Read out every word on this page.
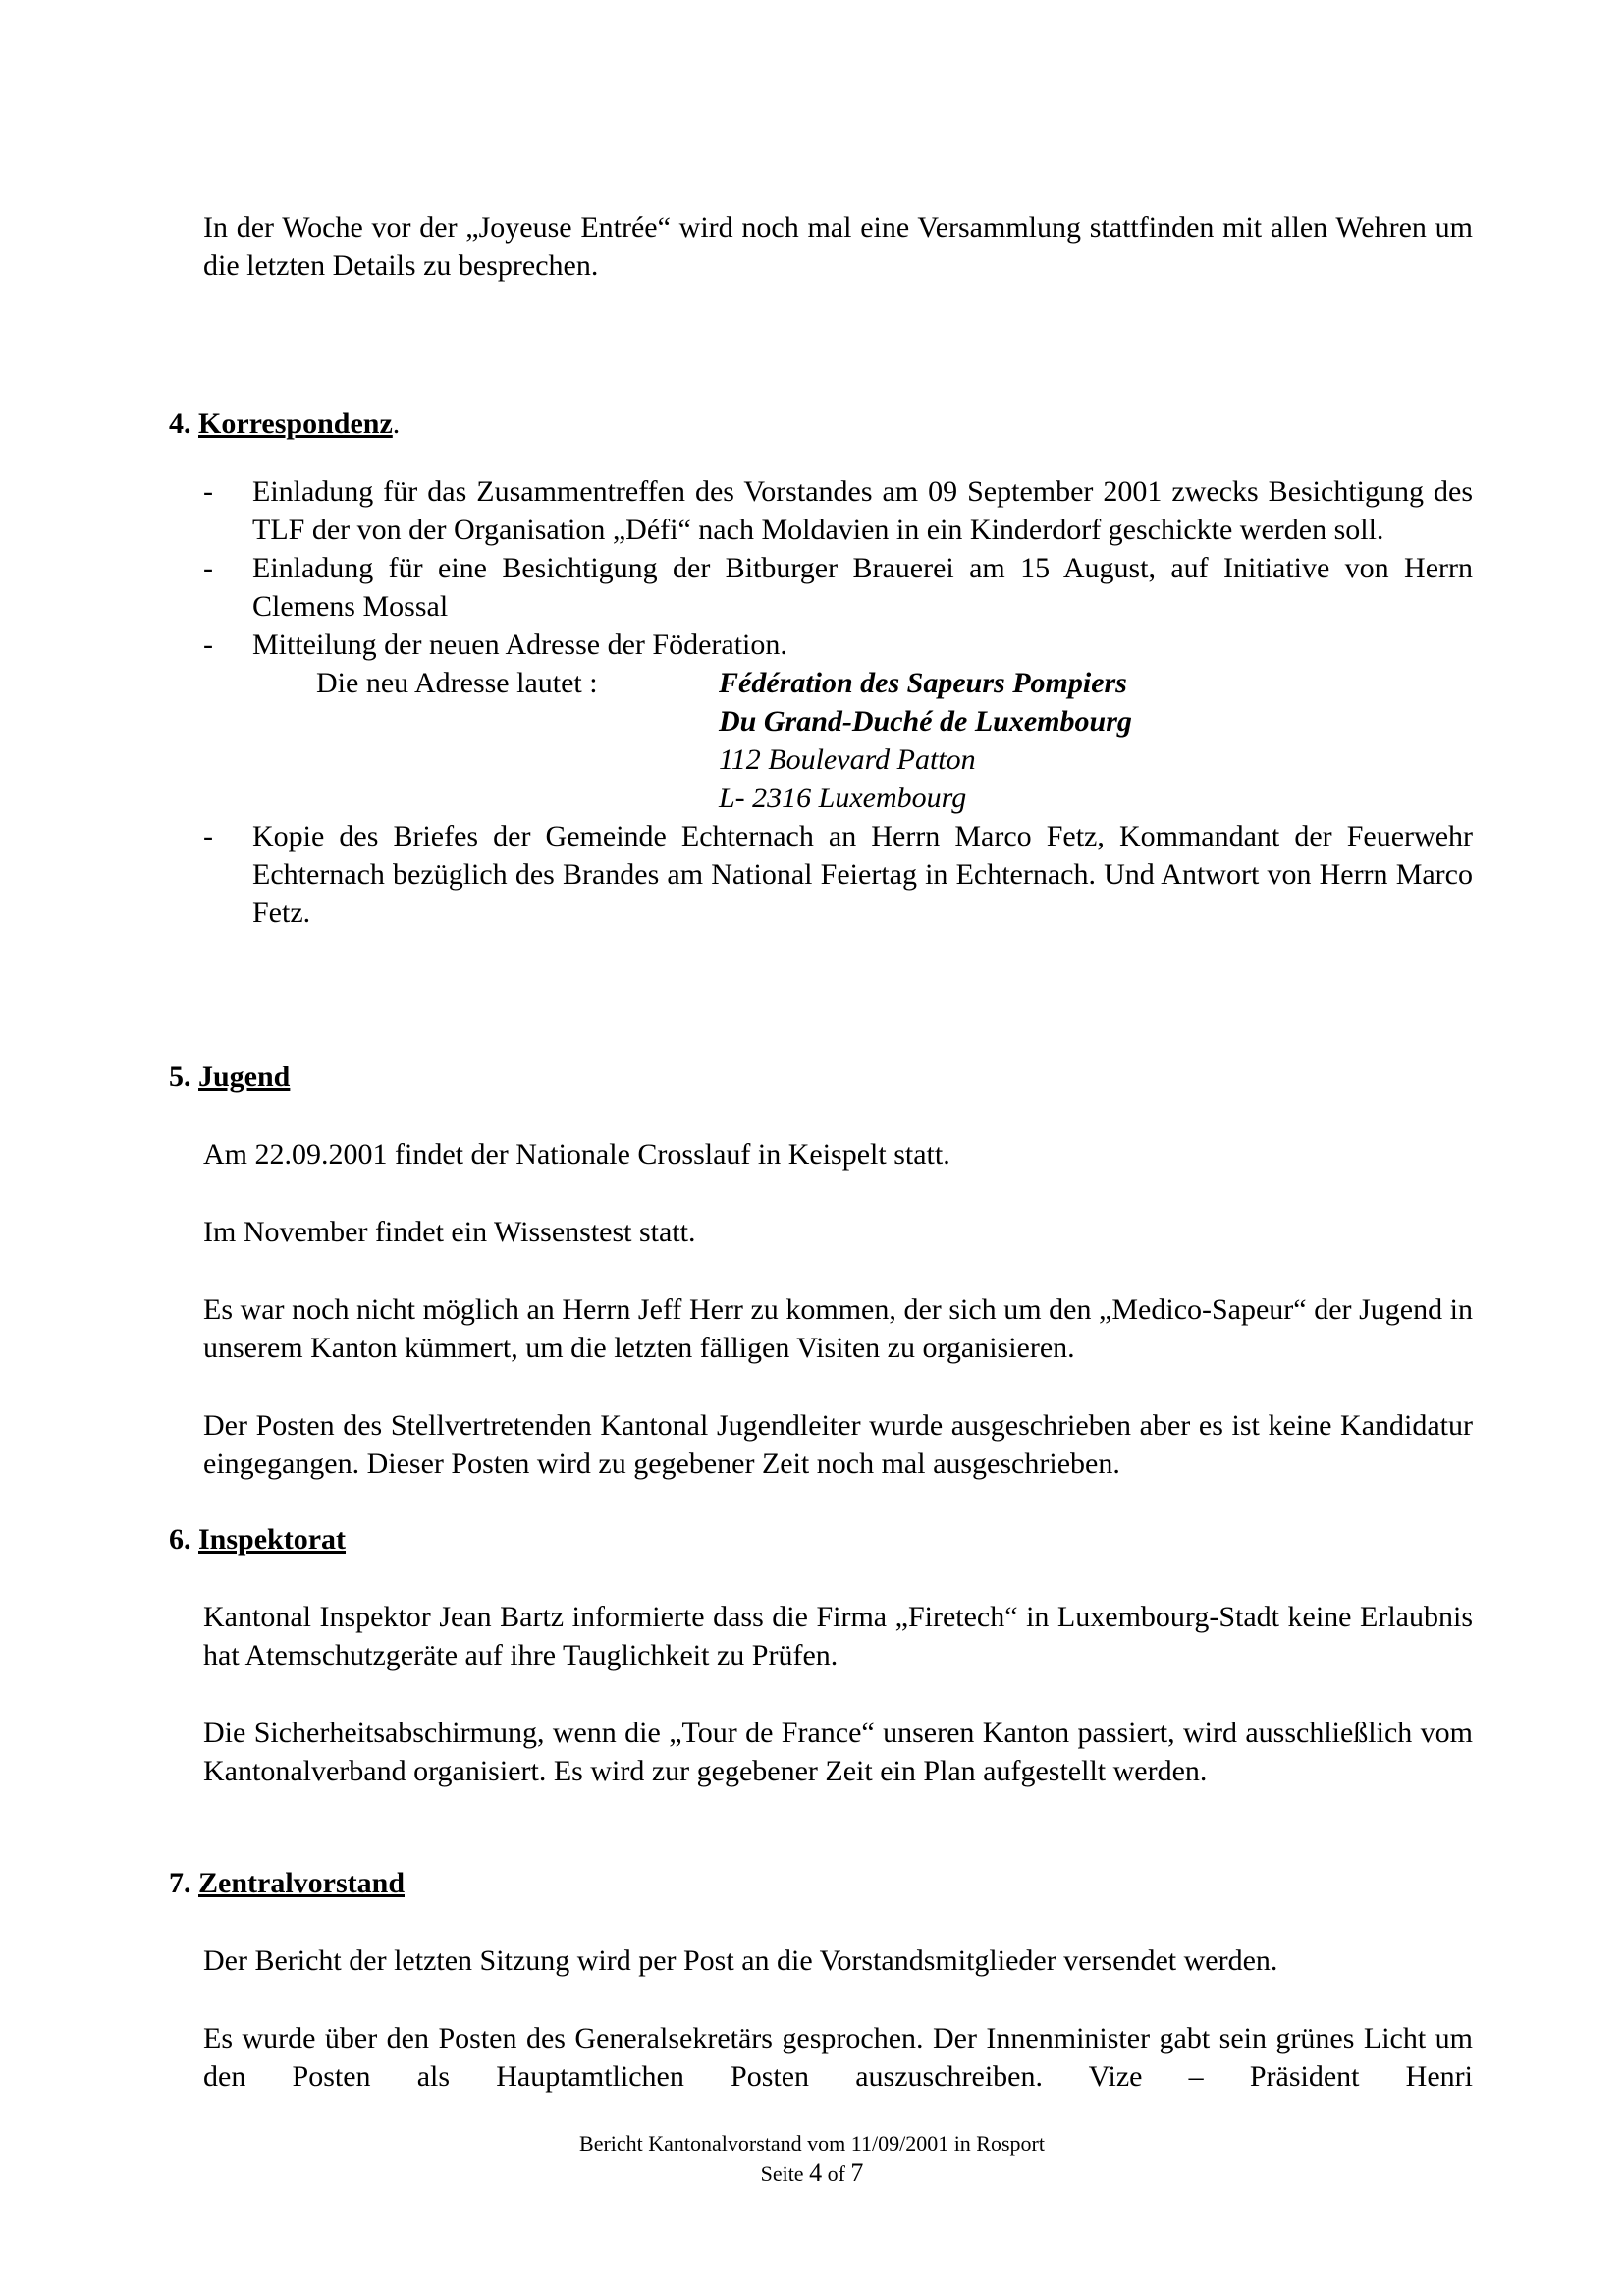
In der Woche vor der „Joyeuse Entrée“ wird noch mal eine Versammlung stattfinden mit allen Wehren um die letzten Details zu besprechen.

4. Korrespondenz.
- Einladung für das Zusammentreffen des Vorstandes am 09 September 2001 zwecks Besichtigung des TLF der von der Organisation „Défi“ nach Moldavien in ein Kinderdorf geschickte werden soll.
- Einladung für eine Besichtigung der Bitburger Brauerei am 15 August, auf Initiative von Herrn Clemens Mossal
- Mitteilung der neuen Adresse der Föderation.
Die neu Adresse lautet :	Fédération des Sapeurs Pompiers
Du Grand-Duché de Luxembourg
112 Boulevard Patton
L- 2316 Luxembourg
- Kopie des Briefes der Gemeinde Echternach an Herrn Marco Fetz, Kommandant der Feuerwehr Echternach bezüglich des Brandes am National Feiertag in Echternach. Und Antwort von Herrn Marco Fetz.
5. Jugend

Am 22.09.2001 findet der Nationale Crosslauf in Keispelt statt.

Im November findet ein Wissenstest statt.

Es war noch nicht möglich an Herrn Jeff Herr zu kommen, der sich um den „Medico-Sapeur“ der Jugend in unserem Kanton kümmert, um die letzten fälligen Visiten zu organisieren.

Der Posten des Stellvertretenden Kantonal Jugendleiter wurde ausgeschrieben aber es ist keine Kandidatur eingegangen. Dieser Posten wird zu gegebener Zeit noch mal ausgeschrieben.

6. Inspektorat

Kantonal Inspektor Jean Bartz informierte dass die Firma „Firetech“ in Luxembourg-Stadt keine Erlaubnis hat Atemschutzgeräte auf ihre Tauglichkeit zu Prüfen.

Die Sicherheitsabschirmung, wenn die „Tour de France“ unseren Kanton passiert, wird ausschließlich vom Kantonalverband organisiert. Es wird zur gegebener Zeit ein Plan aufgestellt werden.

7. Zentralvorstand

Der Bericht der letzten Sitzung wird per Post an die Vorstandsmitglieder versendet werden.

Es wurde über den Posten des Generalsekretärs gesprochen. Der Innenminister gabt sein grünes Licht um den Posten als Hauptamtlichen Posten auszuschreiben. Vize – Präsident Henri

Bericht Kantonalvorstand vom 11/09/2001 in Rosport
Seite 4 of 7
